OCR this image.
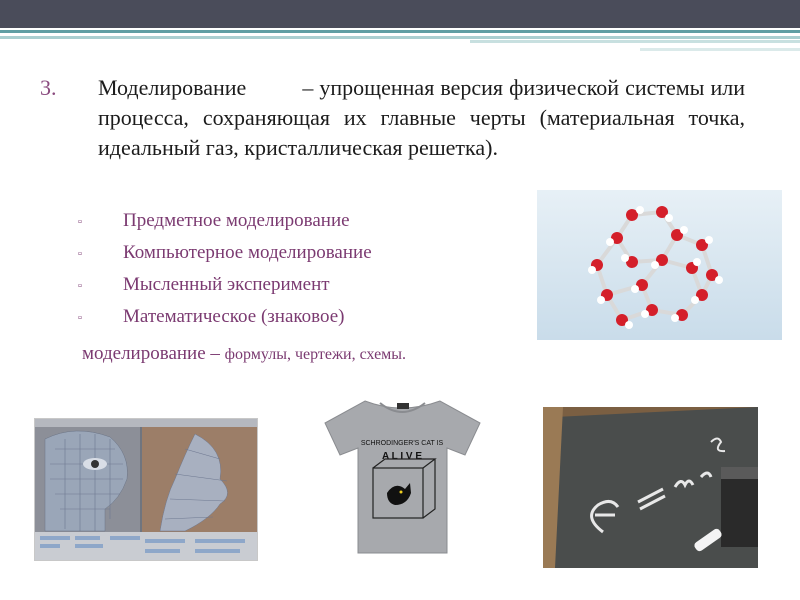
3. Моделирование	– упрощенная версия физической системы или процесса, сохраняющая их главные черты (материальная точка, идеальный газ, кристаллическая решетка).
▫ Предметное моделирование
▫ Компьютерное моделирование
▫ Мысленный эксперимент
▫ Математическое (знаковое)
моделирование – формулы, чертежи, схемы.
SCHRODINGER'S CAT IS
A L I V E
